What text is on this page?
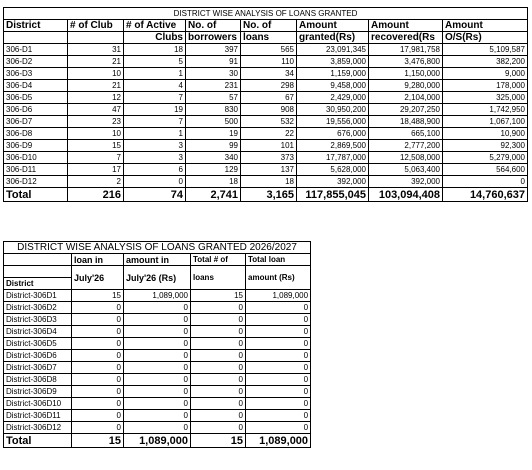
DISTRICT WISE ANALYSIS OF LOANS GRANTED							
District	# of Club	# of Active	No. of	No. of	Amount	Amount	Amount
		Clubs	borrowers	loans	granted(Rs)	recovered(Rs	O/S(Rs)
306-D1	31	18	397	565	23,091,345	17,981,758	5,109,587
306-D2	21	5	91	110	3,859,000	3,476,800	382,200
306-D3	10	1	30	34	1,159,000	1,150,000	9,000
306-D4	21	4	231	298	9,458,000	9,280,000	178,000
306-D5	12	7	57	67	2,429,000	2,104,000	325,000
306-D6	47	19	830	908	30,950,200	29,207,250	1,742,950
306-D7	23	7	500	532	19,556,000	18,488,900	1,067,100
306-D8	10	1	19	22	676,000	665,100	10,900
306-D9	15	3	99	101	2,869,500	2,777,200	92,300
306-D10	7	3	340	373	17,787,000	12,508,000	5,279,000
306-D11	17	6	129	137	5,628,000	5,063,400	564,600
306-D12	2	0	18	18	392,000	392,000	0
Total	216	74	2,741	3,165	117,855,045	103,094,408	14,760,637
DISTRICT WISE ANALYSIS OF LOANS GRANTED 2026/2027				
	loan in	amount in	Total # of	Total loan
	July'26	July'26 (Rs)	loans	amount (Rs)
District				
District-306D1	15	1,089,000	15	1,089,000
District-306D2	0	0	0	0
District-306D3	0	0	0	0
District-306D4	0	0	0	0
District-306D5	0	0	0	0
District-306D6	0	0	0	0
District-306D7	0	0	0	0
District-306D8	0	0	0	0
District-306D9	0	0	0	0
District-306D10	0	0	0	0
District-306D11	0	0	0	0
District-306D12	0	0	0	0
Total	15	1,089,000	15	1,089,000
